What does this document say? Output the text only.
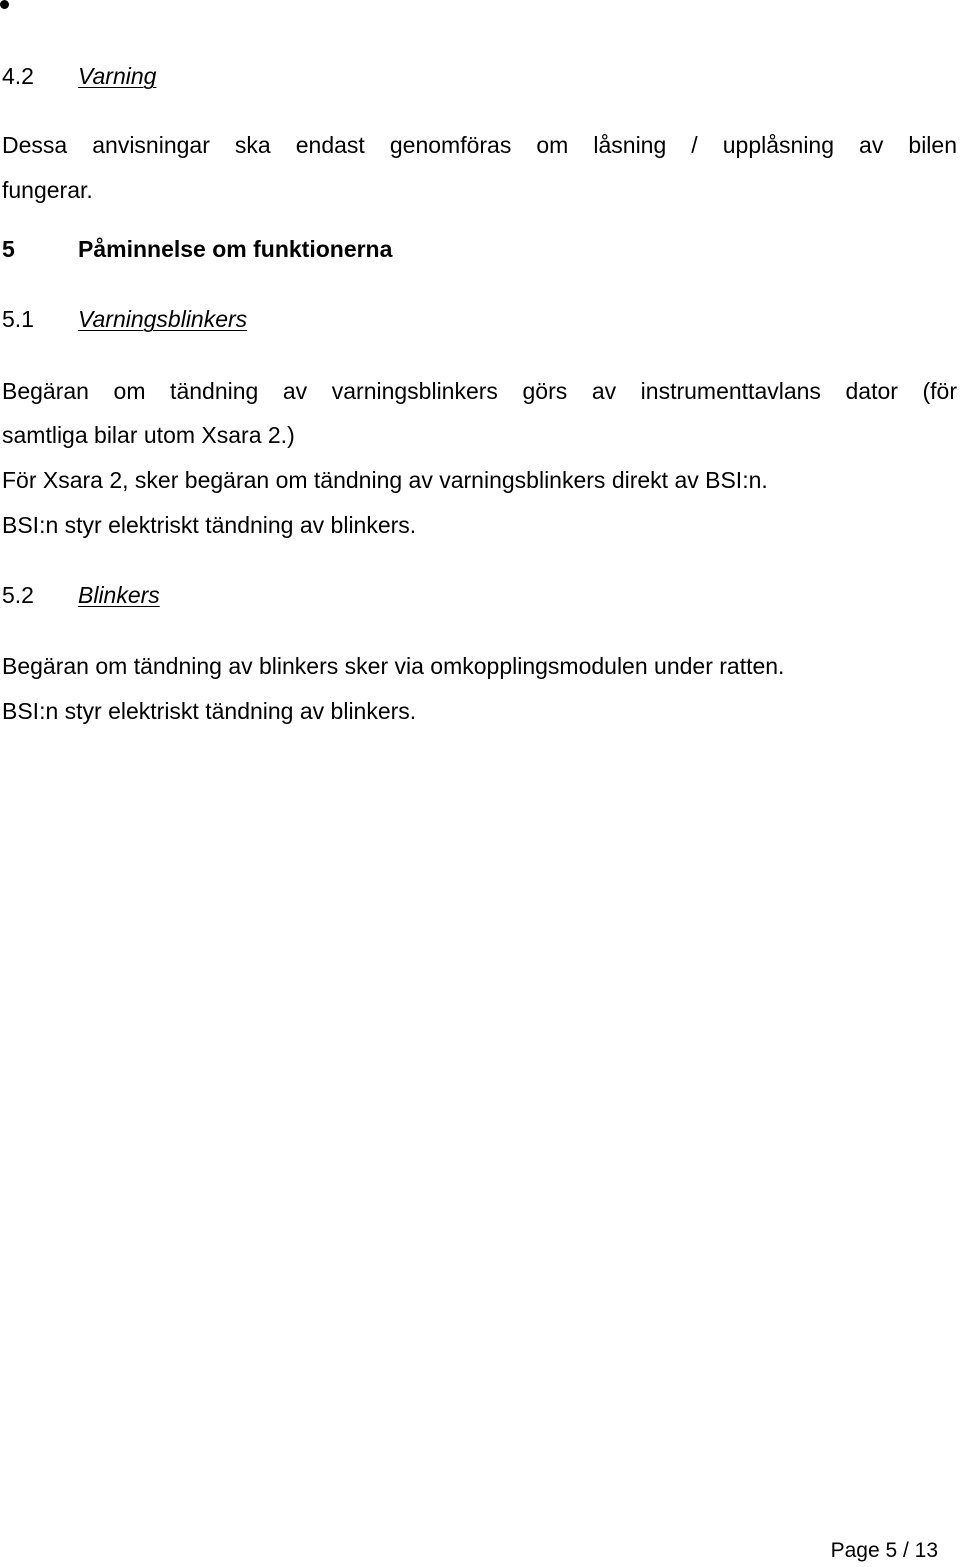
4.2 Varning
Dessa anvisningar ska endast genomföras om låsning / upplåsning av bilen
fungerar.
5	Påminnelse om funktionerna
5.1 Varningsblinkers
Begäran om tändning av varningsblinkers görs av instrumenttavlans dator (för
samtliga bilar utom Xsara 2.)
För Xsara 2, sker begäran om tändning av varningsblinkers direkt av BSI:n.
BSI:n styr elektriskt tändning av blinkers.
5.2 Blinkers
Begäran om tändning av blinkers sker via omkopplingsmodulen under ratten.
BSI:n styr elektriskt tändning av blinkers.
Page 5 / 13
